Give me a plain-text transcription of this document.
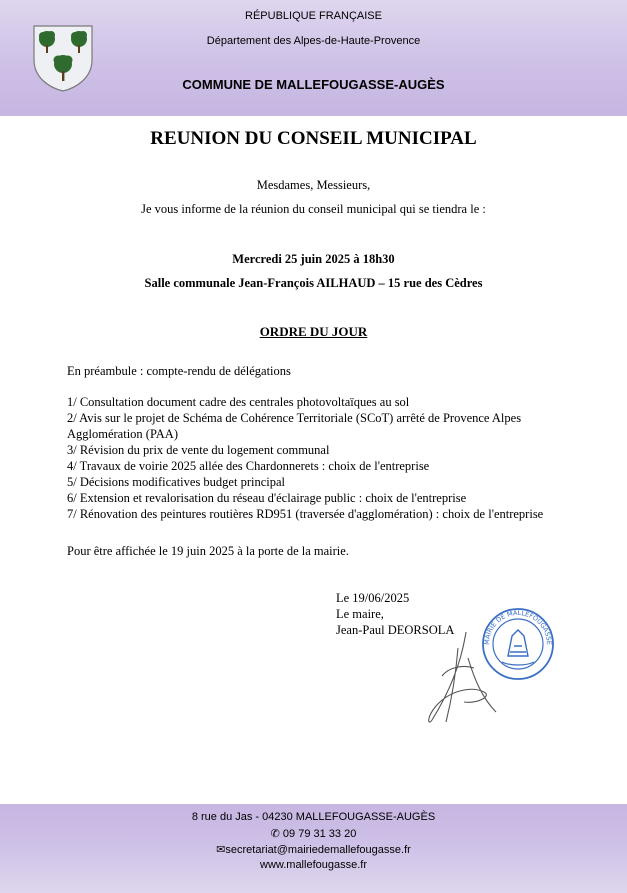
RÉPUBLIQUE FRANÇAISE
Département des Alpes-de-Haute-Provence
COMMUNE DE MALLEFOUGASSE-AUGÈS
REUNION DU CONSEIL MUNICIPAL
Mesdames, Messieurs,
Je vous informe de la réunion du conseil municipal qui se tiendra le :
Mercredi 25 juin 2025 à 18h30
Salle communale Jean-François AILHAUD – 15 rue des Cèdres
ORDRE DU JOUR
En préambule : compte-rendu de délégations
1/ Consultation document cadre des centrales photovoltaïques au sol
2/ Avis sur le projet de Schéma de Cohérence Territoriale (SCoT) arrêté de Provence Alpes Agglomération (PAA)
3/ Révision du prix de vente du logement communal
4/ Travaux de voirie 2025 allée des Chardonnerets : choix de l'entreprise
5/ Décisions modificatives budget principal
6/ Extension et revalorisation du réseau d'éclairage public : choix de l'entreprise
7/ Rénovation des peintures routières RD951 (traversée d'agglomération) : choix de l'entreprise
Pour être affichée le 19 juin 2025 à la porte de la mairie.
Le 19/06/2025
Le maire,
Jean-Paul DEORSOLA
MAIRIE DE MALLEFOUGASSE
8 rue du Jas - 04230 MALLEFOUGASSE-AUGÈS
✆ 09 79 31 33 20
✉secretariat@mairiedemallefougasse.fr
www.mallefougasse.fr
